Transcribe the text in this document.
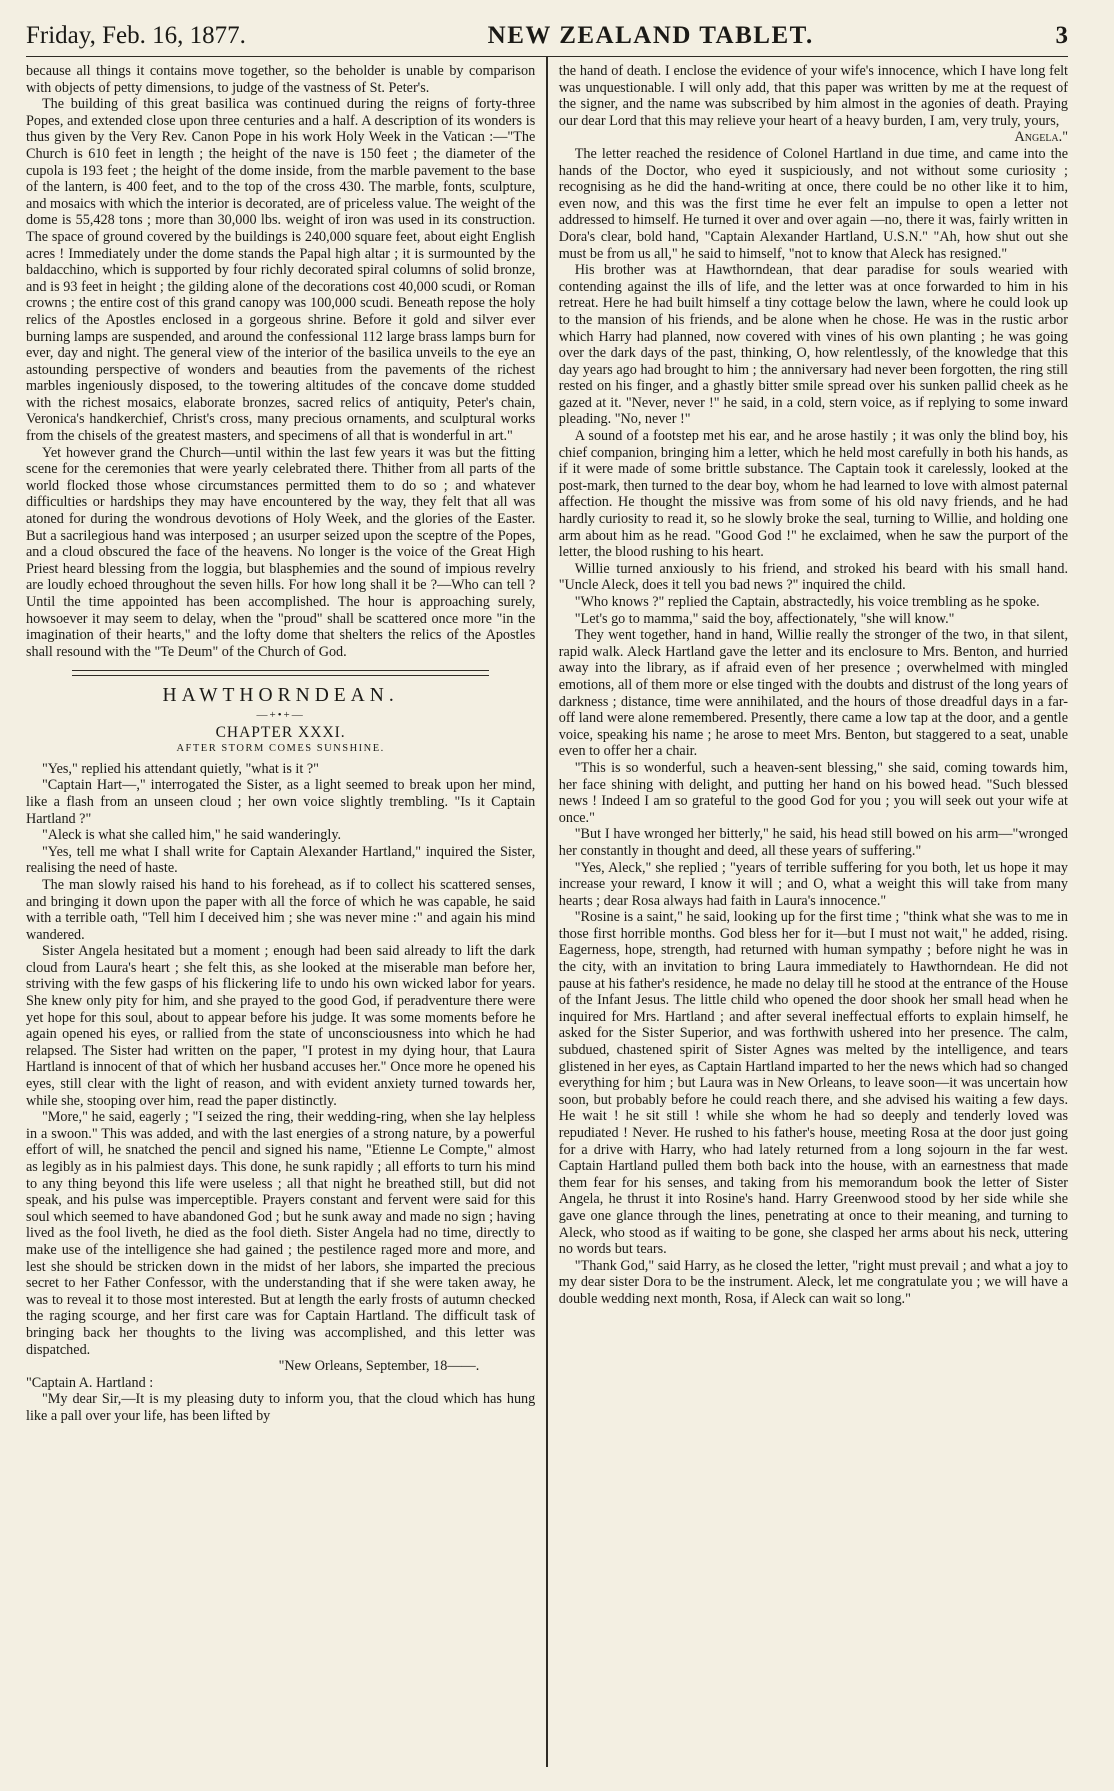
Friday, Feb. 16, 1877.	NEW ZEALAND TABLET.	3

because all things it contains move together, so the beholder is unable by comparison with objects of petty dimensions, to judge of the vastness of St. Peter's.

The building of this great basilica was continued during the reigns of forty-three Popes, and extended close upon three centuries and a half. A description of its wonders is thus given by the Very Rev. Canon Pope in his work Holy Week in the Vatican :—"The Church is 610 feet in length ; the height of the nave is 150 feet ; the diameter of the cupola is 193 feet ; the height of the dome inside, from the marble pavement to the base of the lantern, is 400 feet, and to the top of the cross 430. The marble, fonts, sculpture, and mosaics with which the interior is decorated, are of priceless value. The weight of the dome is 55,428 tons ; more than 30,000 lbs. weight of iron was used in its construction. The space of ground covered by the buildings is 240,000 square feet, about eight English acres ! Immediately under the dome stands the Papal high altar ; it is surmounted by the baldacchino, which is supported by four richly decorated spiral columns of solid bronze, and is 93 feet in height ; the gilding alone of the decorations cost 40,000 scudi, or Roman crowns ; the entire cost of this grand canopy was 100,000 scudi. Beneath repose the holy relics of the Apostles enclosed in a gorgeous shrine. Before it gold and silver ever burning lamps are suspended, and around the confessional 112 large brass lamps burn for ever, day and night. The general view of the interior of the basilica unveils to the eye an astounding perspective of wonders and beauties from the pavements of the richest marbles ingeniously disposed, to the towering altitudes of the concave dome studded with the richest mosaics, elaborate bronzes, sacred relics of antiquity, Peter's chain, Veronica's handkerchief, Christ's cross, many precious ornaments, and sculptural works from the chisels of the greatest masters, and specimens of all that is wonderful in art."

Yet however grand the Church—until within the last few years it was but the fitting scene for the ceremonies that were yearly celebrated there. Thither from all parts of the world flocked those whose circumstances permitted them to do so ; and whatever difficulties or hardships they may have encountered by the way, they felt that all was atoned for during the wondrous devotions of Holy Week, and the glories of the Easter. But a sacrilegious hand was interposed ; an usurper seized upon the sceptre of the Popes, and a cloud obscured the face of the heavens. No longer is the voice of the Great High Priest heard blessing from the loggia, but blasphemies and the sound of impious revelry are loudly echoed throughout the seven hills. For how long shall it be ?—Who can tell ? Until the time appointed has been accomplished. The hour is approaching surely, howsoever it may seem to delay, when the "proud" shall be scattered once more "in the imagination of their hearts," and the lofty dome that shelters the relics of the Apostles shall resound with the "Te Deum" of the Church of God.

HAWTHORNDEAN.
—+•+—
CHAPTER XXXI.
AFTER STORM COMES SUNSHINE.

"Yes," replied his attendant quietly, "what is it ?"

"Captain Hart—," interrogated the Sister, as a light seemed to break upon her mind, like a flash from an unseen cloud ; her own voice slightly trembling. "Is it Captain Hartland ?"

"Aleck is what she called him," he said wanderingly.

"Yes, tell me what I shall write for Captain Alexander Hartland," inquired the Sister, realising the need of haste.

The man slowly raised his hand to his forehead, as if to collect his scattered senses, and bringing it down upon the paper with all the force of which he was capable, he said with a terrible oath, "Tell him I deceived him ; she was never mine :" and again his mind wandered.

Sister Angela hesitated but a moment ; enough had been said already to lift the dark cloud from Laura's heart ; she felt this, as she looked at the miserable man before her, striving with the few gasps of his flickering life to undo his own wicked labor for years. She knew only pity for him, and she prayed to the good God, if peradventure there were yet hope for this soul, about to appear before his judge. It was some moments before he again opened his eyes, or rallied from the state of unconsciousness into which he had relapsed. The Sister had written on the paper, "I protest in my dying hour, that Laura Hartland is innocent of that of which her husband accuses her." Once more he opened his eyes, still clear with the light of reason, and with evident anxiety turned towards her, while she, stooping over him, read the paper distinctly.

"More," he said, eagerly ; "I seized the ring, their wedding-ring, when she lay helpless in a swoon." This was added, and with the last energies of a strong nature, by a powerful effort of will, he snatched the pencil and signed his name, "Etienne Le Compte," almost as legibly as in his palmiest days. This done, he sunk rapidly ; all efforts to turn his mind to any thing beyond this life were useless ; all that night he breathed still, but did not speak, and his pulse was imperceptible. Prayers constant and fervent were said for this soul which seemed to have abandoned God ; but he sunk away and made no sign ; having lived as the fool liveth, he died as the fool dieth. Sister Angela had no time, directly to make use of the intelligence she had gained ; the pestilence raged more and more, and lest she should be stricken down in the midst of her labors, she imparted the precious secret to her Father Confessor, with the understanding that if she were taken away, he was to reveal it to those most interested. But at length the early frosts of autumn checked the raging scourge, and her first care was for Captain Hartland. The difficult task of bringing back her thoughts to the living was accomplished, and this letter was dispatched.

"New Orleans, September, 18——.

"Captain A. Hartland :

"My dear Sir,—It is my pleasing duty to inform you, that the cloud which has hung like a pall over your life, has been lifted by

the hand of death. I enclose the evidence of your wife's innocence, which I have long felt was unquestionable. I will only add, that this paper was written by me at the request of the signer, and the name was subscribed by him almost in the agonies of death. Praying our dear Lord that this may relieve your heart of a heavy burden, I am, very truly, yours,

Angela."

The letter reached the residence of Colonel Hartland in due time, and came into the hands of the Doctor, who eyed it suspiciously, and not without some curiosity ; recognising as he did the hand-writing at once, there could be no other like it to him, even now, and this was the first time he ever felt an impulse to open a letter not addressed to himself. He turned it over and over again —no, there it was, fairly written in Dora's clear, bold hand, "Captain Alexander Hartland, U.S.N." "Ah, how shut out she must be from us all," he said to himself, "not to know that Aleck has resigned."

His brother was at Hawthorndean, that dear paradise for souls wearied with contending against the ills of life, and the letter was at once forwarded to him in his retreat. Here he had built himself a tiny cottage below the lawn, where he could look up to the mansion of his friends, and be alone when he chose. He was in the rustic arbor which Harry had planned, now covered with vines of his own planting ; he was going over the dark days of the past, thinking, O, how relentlessly, of the knowledge that this day years ago had brought to him ; the anniversary had never been forgotten, the ring still rested on his finger, and a ghastly bitter smile spread over his sunken pallid cheek as he gazed at it. "Never, never !" he said, in a cold, stern voice, as if replying to some inward pleading. "No, never !"

A sound of a footstep met his ear, and he arose hastily ; it was only the blind boy, his chief companion, bringing him a letter, which he held most carefully in both his hands, as if it were made of some brittle substance. The Captain took it carelessly, looked at the post-mark, then turned to the dear boy, whom he had learned to love with almost paternal affection. He thought the missive was from some of his old navy friends, and he had hardly curiosity to read it, so he slowly broke the seal, turning to Willie, and holding one arm about him as he read. "Good God !" he exclaimed, when he saw the purport of the letter, the blood rushing to his heart.

Willie turned anxiously to his friend, and stroked his beard with his small hand. "Uncle Aleck, does it tell you bad news ?" inquired the child.

"Who knows ?" replied the Captain, abstractedly, his voice trembling as he spoke.

"Let's go to mamma," said the boy, affectionately, "she will know."

They went together, hand in hand, Willie really the stronger of the two, in that silent, rapid walk. Aleck Hartland gave the letter and its enclosure to Mrs. Benton, and hurried away into the library, as if afraid even of her presence ; overwhelmed with mingled emotions, all of them more or else tinged with the doubts and distrust of the long years of darkness ; distance, time were annihilated, and the hours of those dreadful days in a far-off land were alone remembered. Presently, there came a low tap at the door, and a gentle voice, speaking his name ; he arose to meet Mrs. Benton, but staggered to a seat, unable even to offer her a chair.

"This is so wonderful, such a heaven-sent blessing," she said, coming towards him, her face shining with delight, and putting her hand on his bowed head. "Such blessed news ! Indeed I am so grateful to the good God for you ; you will seek out your wife at once."

"But I have wronged her bitterly," he said, his head still bowed on his arm—"wronged her constantly in thought and deed, all these years of suffering."

"Yes, Aleck," she replied ; "years of terrible suffering for you both, let us hope it may increase your reward, I know it will ; and O, what a weight this will take from many hearts ; dear Rosa always had faith in Laura's innocence."

"Rosine is a saint," he said, looking up for the first time ; "think what she was to me in those first horrible months. God bless her for it—but I must not wait," he added, rising. Eagerness, hope, strength, had returned with human sympathy ; before night he was in the city, with an invitation to bring Laura immediately to Hawthorndean. He did not pause at his father's residence, he made no delay till he stood at the entrance of the House of the Infant Jesus. The little child who opened the door shook her small head when he inquired for Mrs. Hartland ; and after several ineffectual efforts to explain himself, he asked for the Sister Superior, and was forthwith ushered into her presence. The calm, subdued, chastened spirit of Sister Agnes was melted by the intelligence, and tears glistened in her eyes, as Captain Hartland imparted to her the news which had so changed everything for him ; but Laura was in New Orleans, to leave soon—it was uncertain how soon, but probably before he could reach there, and she advised his waiting a few days. He wait ! he sit still ! while she whom he had so deeply and tenderly loved was repudiated ! Never. He rushed to his father's house, meeting Rosa at the door just going for a drive with Harry, who had lately returned from a long sojourn in the far west. Captain Hartland pulled them both back into the house, with an earnestness that made them fear for his senses, and taking from his memorandum book the letter of Sister Angela, he thrust it into Rosine's hand. Harry Greenwood stood by her side while she gave one glance through the lines, penetrating at once to their meaning, and turning to Aleck, who stood as if waiting to be gone, she clasped her arms about his neck, uttering no words but tears.

"Thank God," said Harry, as he closed the letter, "right must prevail ; and what a joy to my dear sister Dora to be the instrument. Aleck, let me congratulate you ; we will have a double wedding next month, Rosa, if Aleck can wait so long."
